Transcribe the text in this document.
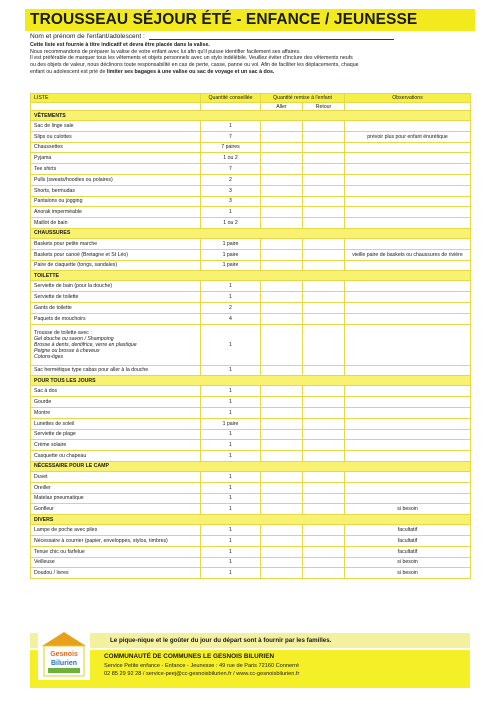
TROUSSEAU SÉJOUR ÉTÉ - ENFANCE / JEUNESSE
Nom et prénom de l'enfant/adolescent :

Cette liste est fournie à titre indicatif et devra être placée dans la valise.

Nous recommandons de préparer la valise de votre enfant avec lui afin qu'il puisse identifier facilement ses affaires.

Il est préférable de marquer tous les vêtements et objets personnels avec un stylo indélébile. Veuillez éviter d'inclure des vêtements neufs

ou des objets de valeur, nous déclinons toute responsabilité en cas de perte, casse, panne ou vol. Afin de faciliter les déplacements, chaque

enfant ou adolescent est prié de limiter ses bagages à une valise ou sac de voyage et un sac à dos.

LISTE	Quantité conseillée	Quantité remise à l'enfant		Observations
		Aller	Retour	
VÊTEMENTS				
Sac de linge sale	1			
Slips ou culottes	7			prévoir plus pour enfant énurétique
Chaussettes	7 paires			
Pyjama	1 ou 2			
Tee shirts	7			
Pulls (sweats/hoodies ou polaires)	2			
Shorts, bermudas	3			
Pantalons ou jogging	3			
Anorak imperméable	1			
Maillot de bain	1 ou 2			
CHAUSSURES				
Baskets pour petite marche	1 paire			
Baskets pour canoë (Bretagne et St Léo)	1 paire			vieille paire de baskets ou chaussures de rivière
Paire de claquette (tongs, sandales)	1 paire			
TOILETTE				
Serviette de bain (pour la douche)	1			
Serviette de toilette	1			
Gants de toilette	2			
Paquets de mouchoirs	4			

Trousse de toilette avec :
Gel douche ou savon / Shampoing
Brosse à dents, dentifrice, verre en plastique
Peigne ou brosse à cheveux
Cotons-tiges	1			
Sac hermétique type cabas pour aller à la douche	1			
POUR TOUS LES JOURS				
Sac à dos	1			
Gourde	1			
Montre	1			
Lunettes de soleil	1 paire			
Serviette de plage	1			
Crème solaire	1			
Casquette ou chapeau	1			
NÉCESSAIRE POUR LE CAMP				
Duvet	1			
Oreiller	1			
Matelas pneumatique	1			
Gonfleur	1			si besoin
DIVERS				
Lampe de poche avec piles	1			facultatif
Nécessaire à courrier (papier, enveloppes, stylos, timbres)	1			facultatif
Tenue chic ou farfelue	1			facultatif
Veilleuse	1			si besoin
Doudou / livres	1			si besoin
Le pique-nique et le goûter du jour du départ sont à fournir par les familles.
Gesnois
Bilurien
COMMUNAUTÉ DE COMMUNES LE GESNOIS BILURIEN
Service Petite enfance - Enfance - Jeunesse : 49 rue de Paris 72160 Connerré
02 85 29 92 28 / service-peej@cc-gesnoisbilurien.fr / www.cc-gesnoisbilurien.fr
